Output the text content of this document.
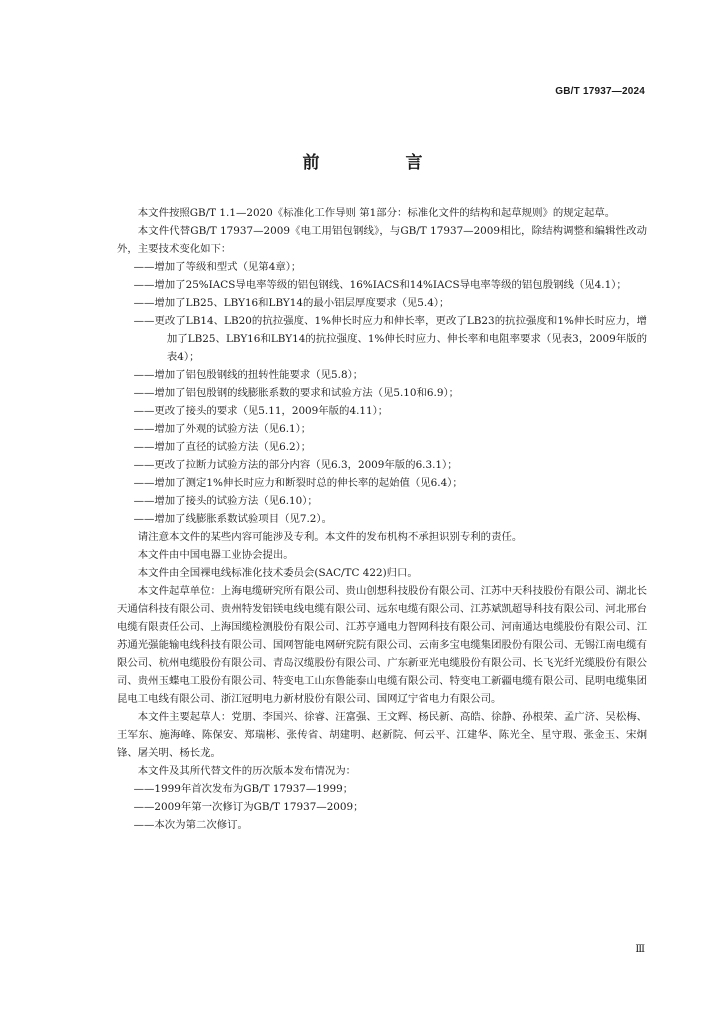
GB/T 17937—2024
前 言

本文件按照GB/T 1.1—2020《标准化工作导则 第1部分：标准化文件的结构和起草规则》的规定起草。

本文件代替GB/T 17937—2009《电工用铝包钢线》，与GB/T 17937—2009相比，除结构调整和编辑性改动外，主要技术变化如下：

——增加了等级和型式（见第4章）；

——增加了25%IACS导电率等级的铝包钢线、16%IACS和14%IACS导电率等级的铝包殷钢线（见4.1）；

——增加了LB25、LBY16和LBY14的最小铝层厚度要求（见5.4）；

——更改了LB14、LB20的抗拉强度、1%伸长时应力和伸长率，更改了LB23的抗拉强度和1%伸长时应力，增加了LB25、LBY16和LBY14的抗拉强度、1%伸长时应力、伸长率和电阻率要求（见表3，2009年版的表4）；

——增加了铝包殷钢线的扭转性能要求（见5.8）；

——增加了铝包殷钢的线膨胀系数的要求和试验方法（见5.10和6.9）；

——更改了接头的要求（见5.11，2009年版的4.11）；

——增加了外观的试验方法（见6.1）；

——增加了直径的试验方法（见6.2）；

——更改了拉断力试验方法的部分内容（见6.3，2009年版的6.3.1）；

——增加了测定1%伸长时应力和断裂时总的伸长率的起始值（见6.4）；

——增加了接头的试验方法（见6.10）；

——增加了线膨胀系数试验项目（见7.2）。

请注意本文件的某些内容可能涉及专利。本文件的发布机构不承担识别专利的责任。

本文件由中国电器工业协会提出。

本文件由全国裸电线标准化技术委员会(SAC/TC 422)归口。

本文件起草单位：上海电缆研究所有限公司、贵山创想科技股份有限公司、江苏中天科技股份有限公司、湖北长天通信科技有限公司、贵州特发铝镁电线电缆有限公司、远东电缆有限公司、江苏斌凯超导科技有限公司、河北邢台电缆有限责任公司、上海国缆检测股份有限公司、江苏亨通电力智网科技有限公司、河南通达电缆股份有限公司、江苏通光强能输电线科技有限公司、国网智能电网研究院有限公司、云南多宝电缆集团股份有限公司、无锡江南电缆有限公司、杭州电缆股份有限公司、青岛汉缆股份有限公司、广东新亚光电缆股份有限公司、长飞光纤光缆股份有限公司、贵州玉蝶电工股份有限公司、特变电工山东鲁能泰山电缆有限公司、特变电工新疆电缆有限公司、昆明电缆集团昆电工电线有限公司、浙江冠明电力新材股份有限公司、国网辽宁省电力有限公司。

本文件主要起草人：党朋、李国兴、徐睿、汪富强、王文辉、杨民新、高皓、徐静、孙根荣、孟广济、吴松梅、王军东、施海峰、陈保安、郑瑞彬、张传省、胡建明、赵新院、何云平、江建华、陈光全、星守瑕、张金玉、宋炯锋、屠关明、杨长龙。

本文件及其所代替文件的历次版本发布情况为：

——1999年首次发布为GB/T 17937—1999；

——2009年第一次修订为GB/T 17937—2009；

——本次为第二次修订。

Ⅲ
